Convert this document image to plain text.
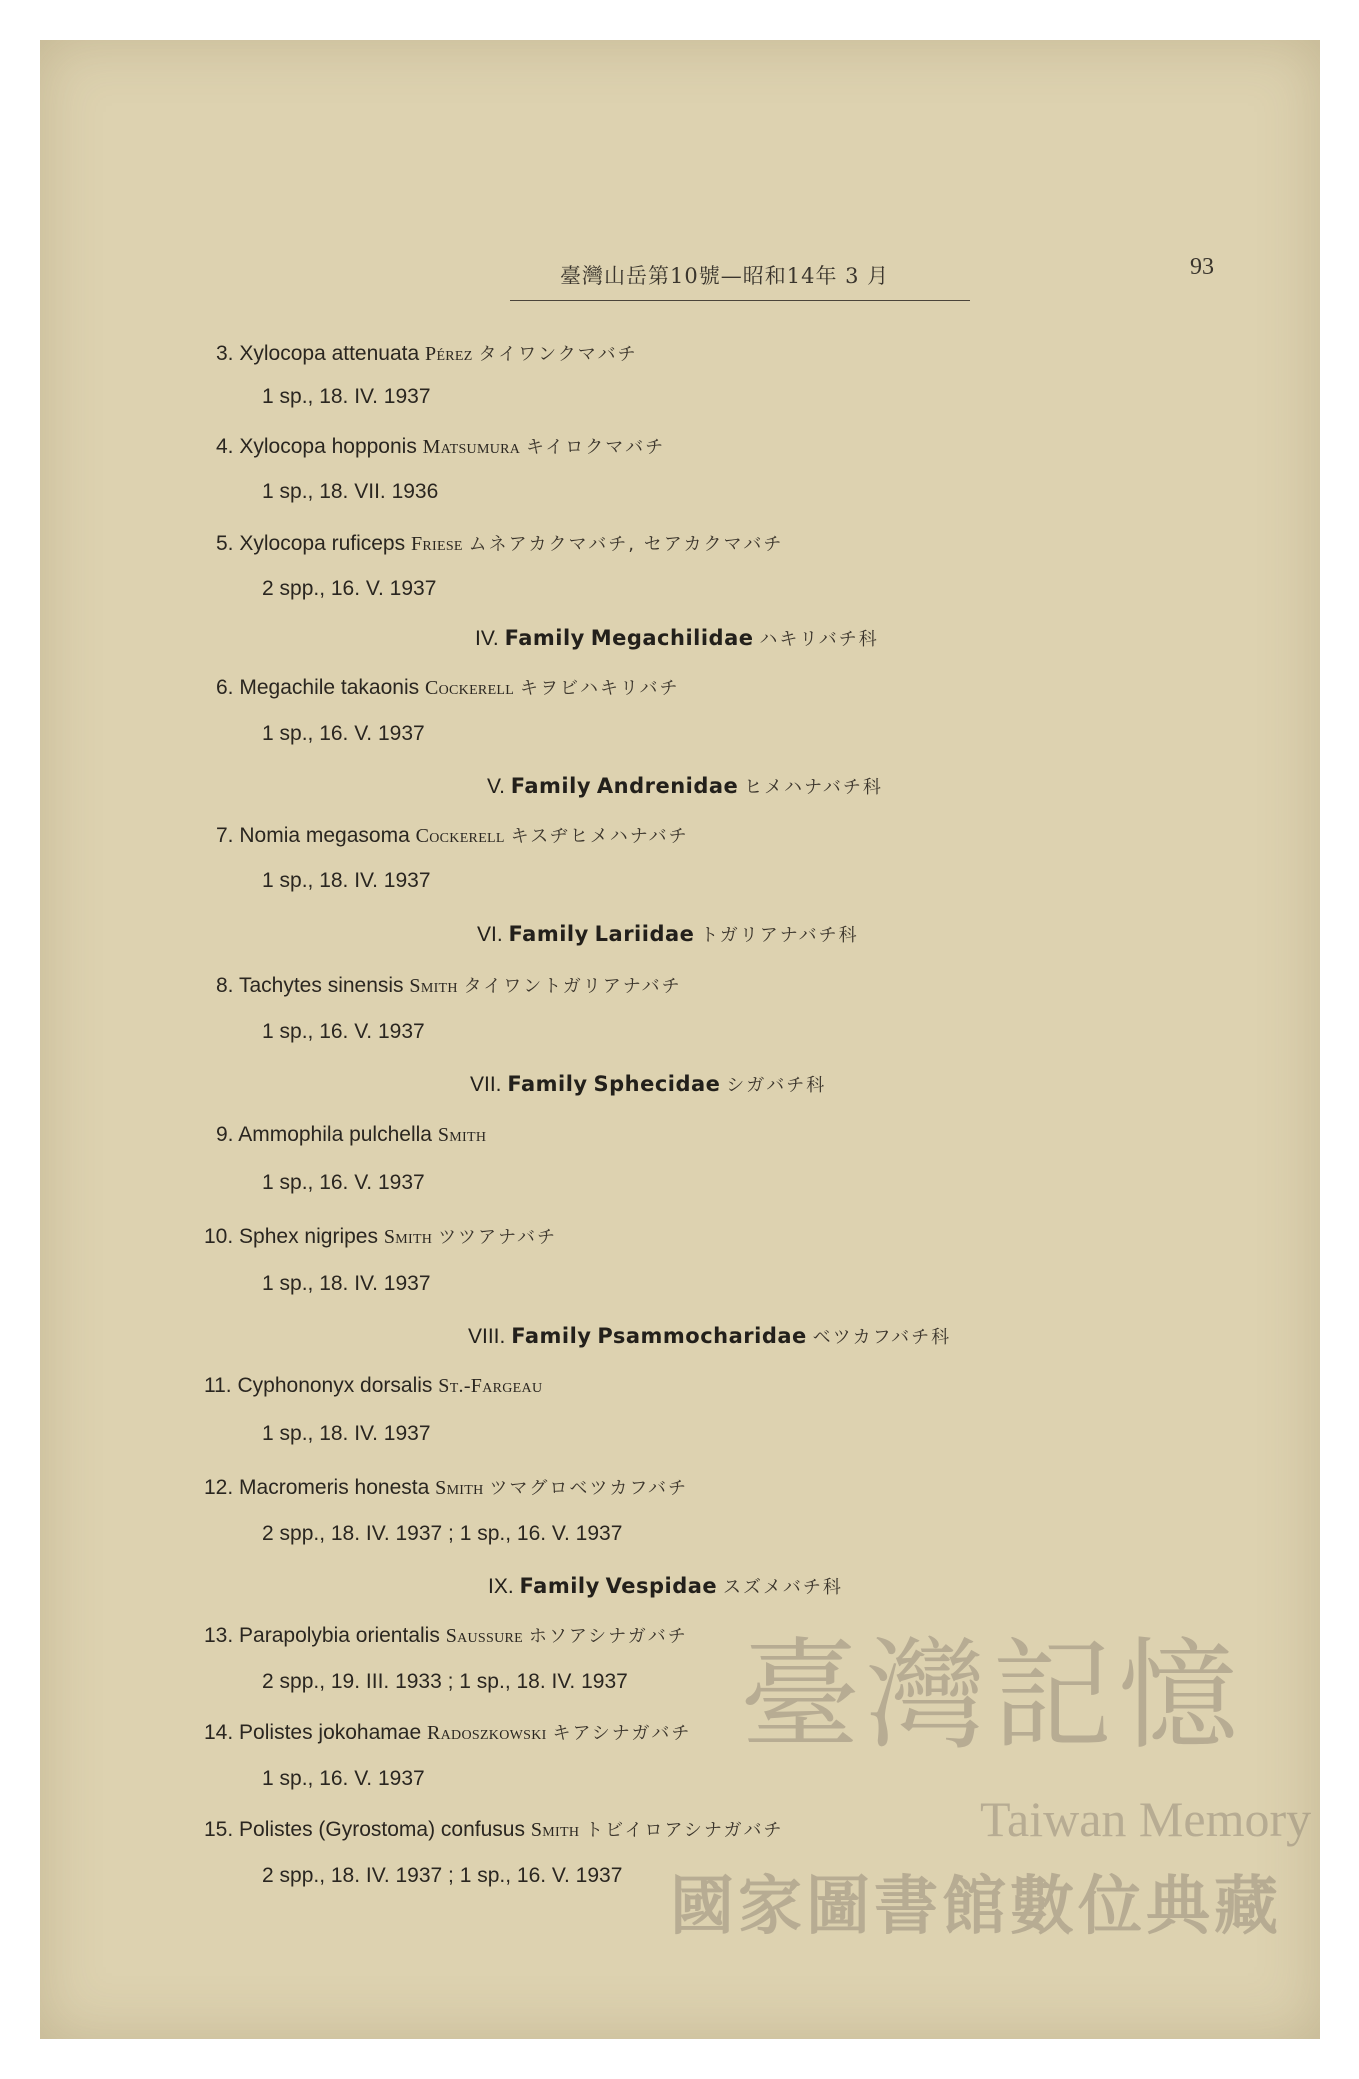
臺灣山岳第10號—昭和14年 3 月	93
3. Xylocopa attenuata Pérez タイワンクマバチ
1 sp., 18. IV. 1937
4. Xylocopa hopponis Matsumura キイロクマバチ
1 sp., 18. VII. 1936
5. Xylocopa ruficeps Friese ムネアカクマバチ, セアカクマバチ
2 spp., 16. V. 1937
IV. Family Megachilidae ハキリバチ科
6. Megachile takaonis Cockerell キヲビハキリバチ
1 sp., 16. V. 1937
V. Family Andrenidae ヒメハナバチ科
7. Nomia megasoma Cockerell キスヂヒメハナバチ
1 sp., 18. IV. 1937
VI. Family Lariidae トガリアナバチ科
8. Tachytes sinensis Smith タイワントガリアナバチ
1 sp., 16. V. 1937
VII. Family Sphecidae シガバチ科
9. Ammophila pulchella Smith
1 sp., 16. V. 1937
10. Sphex nigripes Smith ツツアナバチ
1 sp., 18. IV. 1937
VIII. Family Psammocharidae ベツカフバチ科
11. Cyphononyx dorsalis St.-Fargeau
1 sp., 18. IV. 1937
12. Macromeris honesta Smith ツマグロベツカフバチ
2 spp., 18. IV. 1937 ; 1 sp., 16. V. 1937
IX. Family Vespidae スズメバチ科
13. Parapolybia orientalis Saussure ホソアシナガバチ
2 spp., 19. III. 1933 ; 1 sp., 18. IV. 1937
14. Polistes jokohamae Radoszkowski キアシナガバチ
1 sp., 16. V. 1937
15. Polistes (Gyrostoma) confusus Smith トビイロアシナガバチ
2 spp., 18. IV. 1937 ; 1 sp., 16. V. 1937
臺灣記憶
Taiwan Memory
國家圖書館數位典藏
